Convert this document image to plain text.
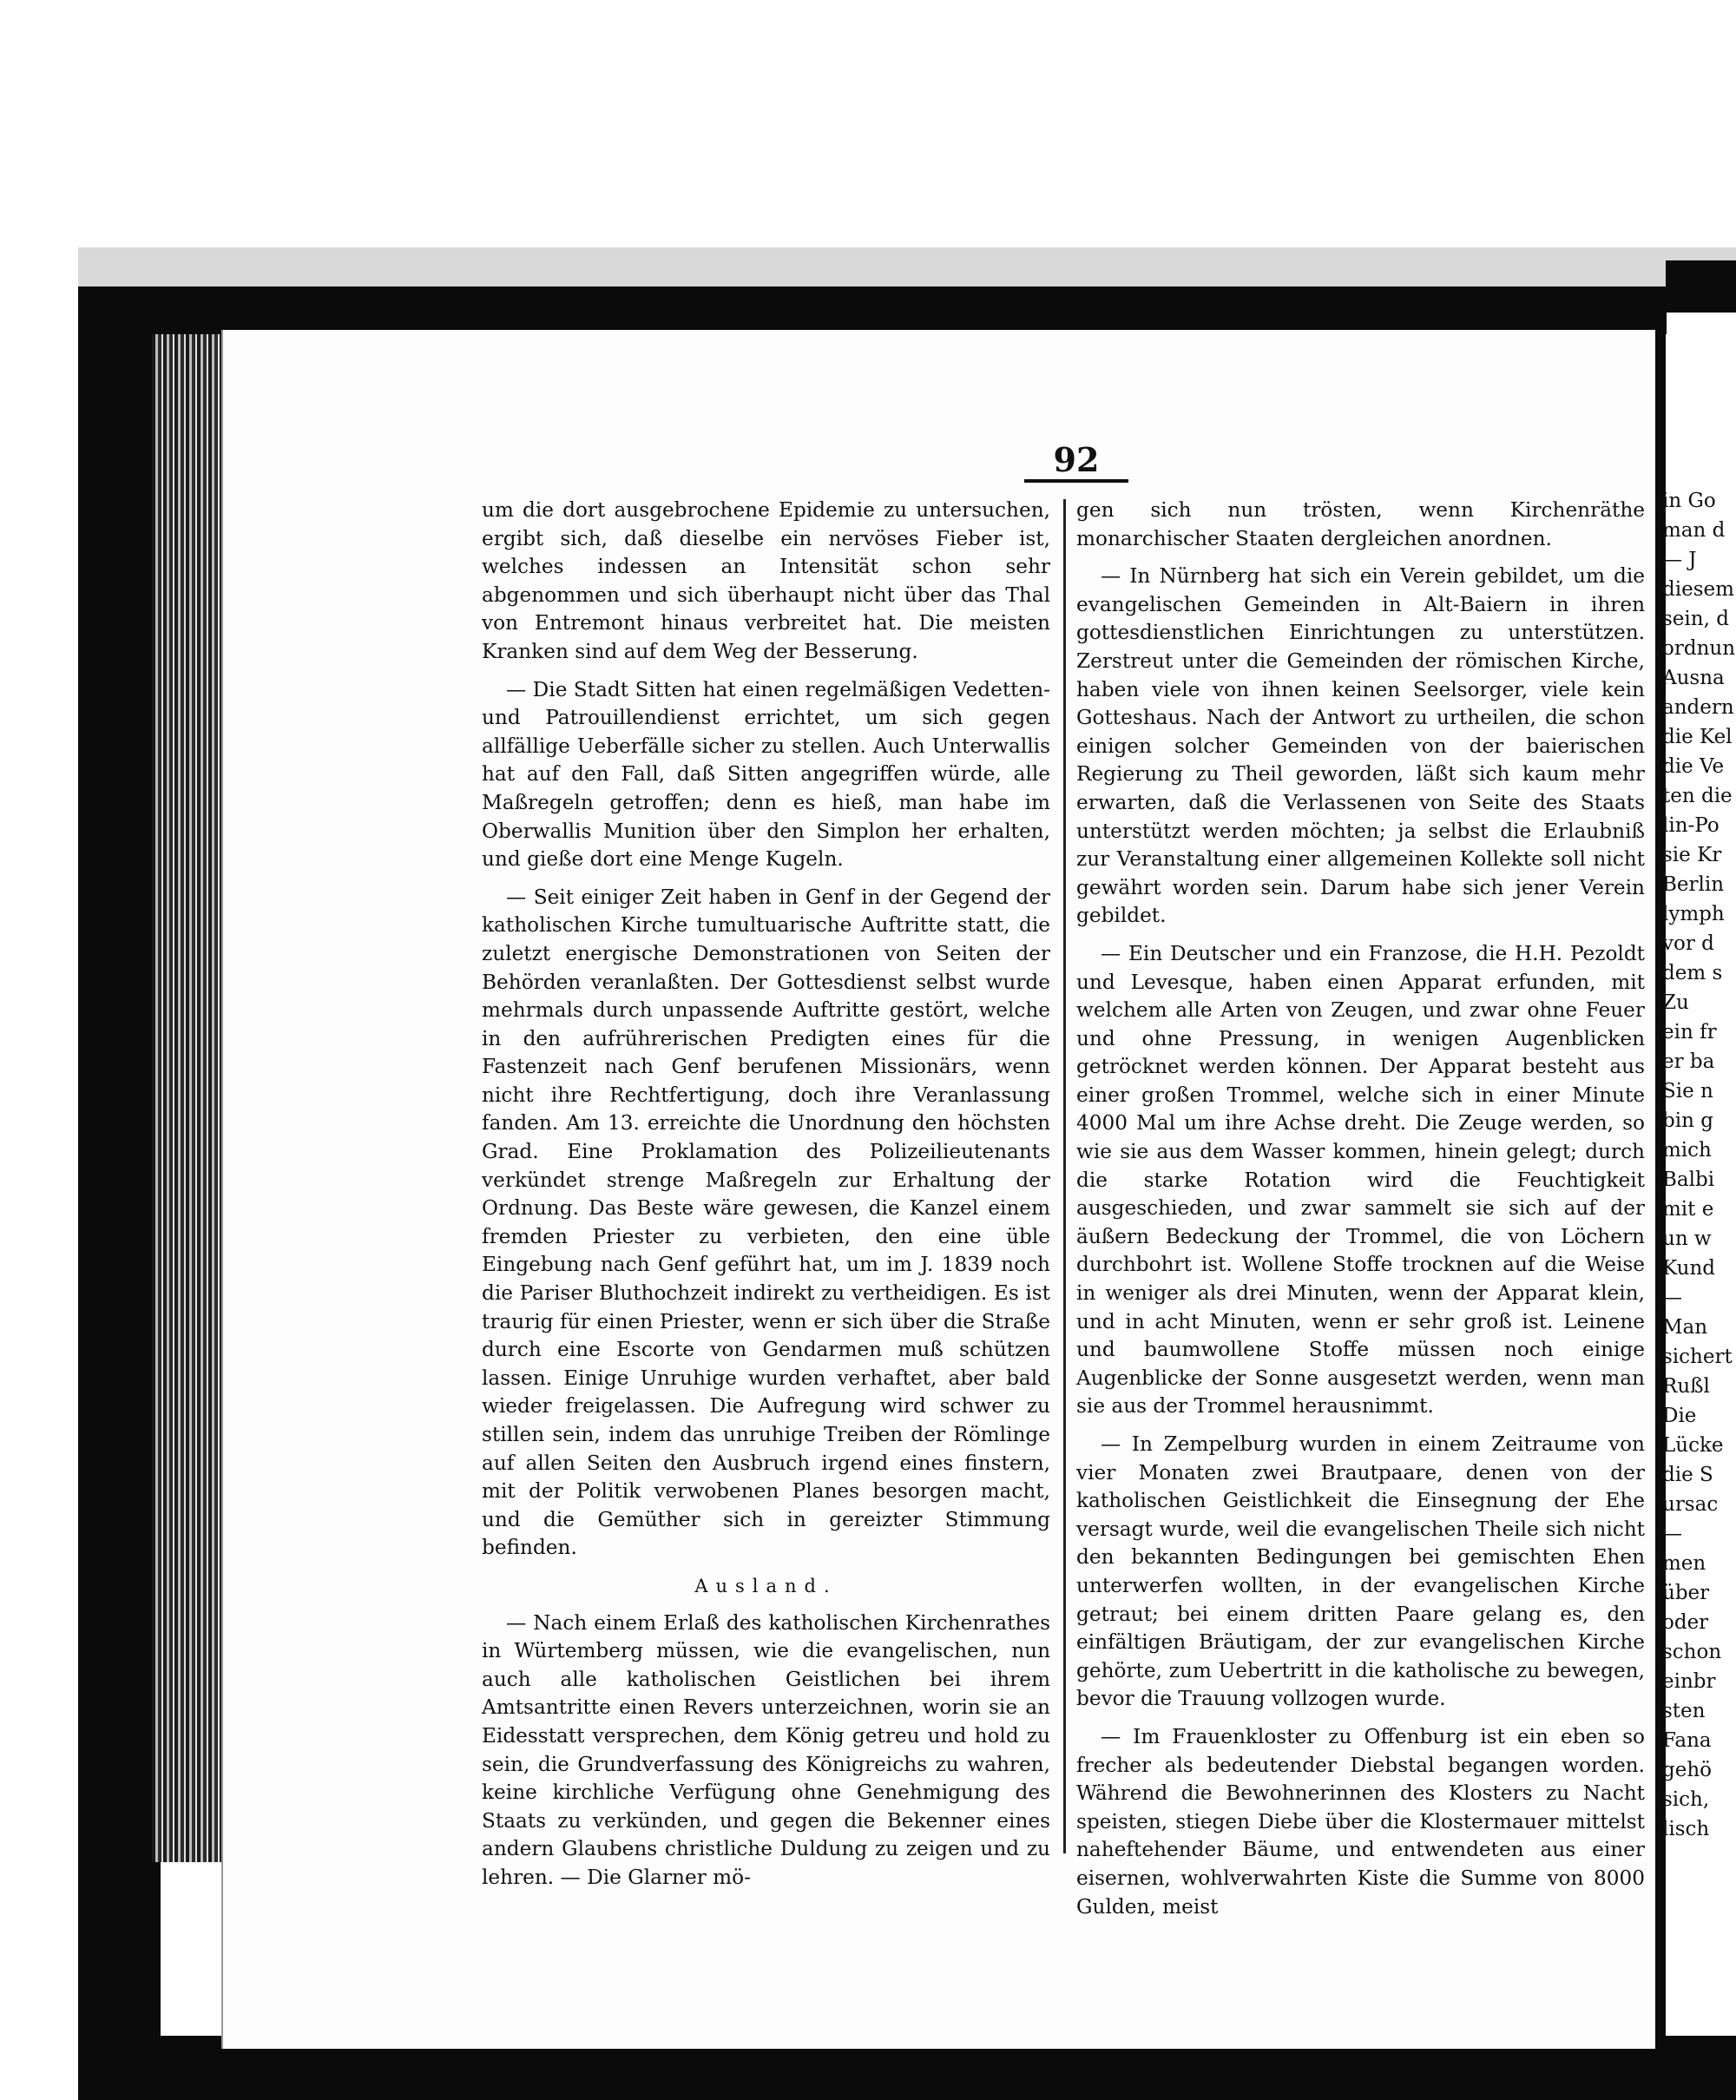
92

um die dort ausgebrochene Epidemie zu untersuchen, ergibt sich, daß dieselbe ein nervöses Fieber ist, welches indessen an Intensität schon sehr abgenommen und sich überhaupt nicht über das Thal von Entremont hinaus verbreitet hat. Die meisten Kranken sind auf dem Weg der Besserung.

— Die Stadt Sitten hat einen regelmäßigen Vedetten- und Patrouillendienst errichtet, um sich gegen allfällige Ueberfälle sicher zu stellen. Auch Unterwallis hat auf den Fall, daß Sitten angegriffen würde, alle Maßregeln getroffen; denn es hieß, man habe im Oberwallis Munition über den Simplon her erhalten, und gieße dort eine Menge Kugeln.

— Seit einiger Zeit haben in Genf in der Gegend der katholischen Kirche tumultuarische Auftritte statt, die zuletzt energische Demonstrationen von Seiten der Behörden veranlaßten. Der Gottesdienst selbst wurde mehrmals durch unpassende Auftritte gestört, welche in den aufrührerischen Predigten eines für die Fastenzeit nach Genf berufenen Missionärs, wenn nicht ihre Rechtfertigung, doch ihre Veranlassung fanden. Am 13. erreichte die Unordnung den höchsten Grad. Eine Proklamation des Polizeilieutenants verkündet strenge Maßregeln zur Erhaltung der Ordnung. Das Beste wäre gewesen, die Kanzel einem fremden Priester zu verbieten, den eine üble Eingebung nach Genf geführt hat, um im J. 1839 noch die Pariser Bluthochzeit indirekt zu vertheidigen. Es ist traurig für einen Priester, wenn er sich über die Straße durch eine Escorte von Gendarmen muß schützen lassen. Einige Unruhige wurden verhaftet, aber bald wieder freigelassen. Die Aufregung wird schwer zu stillen sein, indem das unruhige Treiben der Römlinge auf allen Seiten den Ausbruch irgend eines finstern, mit der Politik verwobenen Planes besorgen macht, und die Gemüther sich in gereizter Stimmung befinden.

Ausland.

— Nach einem Erlaß des katholischen Kirchenrathes in Würtemberg müssen, wie die evangelischen, nun auch alle katholischen Geistlichen bei ihrem Amtsantritte einen Revers unterzeichnen, worin sie an Eidesstatt versprechen, dem König getreu und hold zu sein, die Grundverfassung des Königreichs zu wahren, keine kirchliche Verfügung ohne Genehmigung des Staats zu verkünden, und gegen die Bekenner eines andern Glaubens christliche Duldung zu zeigen und zu lehren. — Die Glarner mö-

gen sich nun trösten, wenn Kirchenräthe monarchischer Staaten dergleichen anordnen.

— In Nürnberg hat sich ein Verein gebildet, um die evangelischen Gemeinden in Alt-Baiern in ihren gottesdienstlichen Einrichtungen zu unterstützen. Zerstreut unter die Gemeinden der römischen Kirche, haben viele von ihnen keinen Seelsorger, viele kein Gotteshaus. Nach der Antwort zu urtheilen, die schon einigen solcher Gemeinden von der baierischen Regierung zu Theil geworden, läßt sich kaum mehr erwarten, daß die Verlassenen von Seite des Staats unterstützt werden möchten; ja selbst die Erlaubniß zur Veranstaltung einer allgemeinen Kollekte soll nicht gewährt worden sein. Darum habe sich jener Verein gebildet.

— Ein Deutscher und ein Franzose, die H.H. Pezoldt und Levesque, haben einen Apparat erfunden, mit welchem alle Arten von Zeugen, und zwar ohne Feuer und ohne Pressung, in wenigen Augenblicken getröcknet werden können. Der Apparat besteht aus einer großen Trommel, welche sich in einer Minute 4000 Mal um ihre Achse dreht. Die Zeuge werden, so wie sie aus dem Wasser kommen, hinein gelegt; durch die starke Rotation wird die Feuchtigkeit ausgeschieden, und zwar sammelt sie sich auf der äußern Bedeckung der Trommel, die von Löchern durchbohrt ist. Wollene Stoffe trocknen auf die Weise in weniger als drei Minuten, wenn der Apparat klein, und in acht Minuten, wenn er sehr groß ist. Leinene und baumwollene Stoffe müssen noch einige Augenblicke der Sonne ausgesetzt werden, wenn man sie aus der Trommel herausnimmt.

— In Zempelburg wurden in einem Zeitraume von vier Monaten zwei Brautpaare, denen von der katholischen Geistlichkeit die Einsegnung der Ehe versagt wurde, weil die evangelischen Theile sich nicht den bekannten Bedingungen bei gemischten Ehen unterwerfen wollten, in der evangelischen Kirche getraut; bei einem dritten Paare gelang es, den einfältigen Bräutigam, der zur evangelischen Kirche gehörte, zum Uebertritt in die katholische zu bewegen, bevor die Trauung vollzogen wurde.

— Im Frauenkloster zu Offenburg ist ein eben so frecher als bedeutender Diebstal begangen worden. Während die Bewohnerinnen des Klosters zu Nacht speisten, stiegen Diebe über die Klostermauer mittelst naheftehender Bäume, und entwendeten aus einer eisernen, wohlverwahrten Kiste die Summe von 8000 Gulden, meist

in Go
man d
— J
diesem
sein, d
ordnun
Ausna
andern
die Kel
die Ve
ten die
lin-Po
sie Kr
Berlin
lymph
vor d
dem s
Zu
ein fr
er ba
Sie n
bin g
mich
Balbi
mit e
un w
Kund
—
Man
sichert
Rußl
Die
Lücke
die S
ursac
—
men
über
oder
schon
einbr
sten
Fana
gehö
sich,
lisch
